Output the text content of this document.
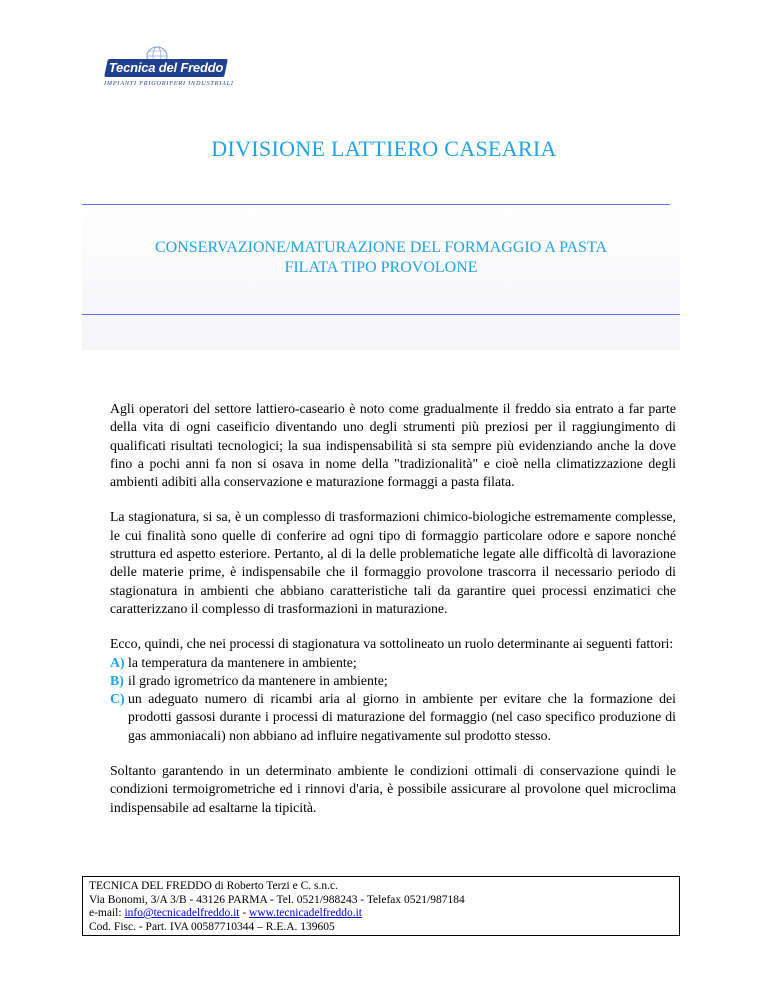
Tecnica del Freddo
IMPIANTI FRIGORIFERI INDUSTRIALI
DIVISIONE LATTIERO CASEARIA
CONSERVAZIONE/MATURAZIONE DEL FORMAGGIO A PASTA
FILATA TIPO PROVOLONE

Agli operatori del settore lattiero-caseario è noto come gradualmente il freddo sia entrato a far parte della vita di ogni caseificio diventando uno degli strumenti più preziosi per il raggiungimento di qualificati risultati tecnologici; la sua indispensabilità si sta sempre più evidenziando anche la dove fino a pochi anni fa non si osava in nome della "tradizionalità" e cioè nella climatizzazione degli ambienti adibiti alla conservazione e maturazione formaggi a pasta filata.

La stagionatura, si sa, è un complesso di trasformazioni chimico-biologiche estremamente complesse, le cui finalità sono quelle di conferire ad ogni tipo di formaggio particolare odore e sapore nonché struttura ed aspetto esteriore. Pertanto, al di la delle problematiche legate alle difficoltà di lavorazione delle materie prime, è indispensabile che il formaggio provolone trascorra il necessario periodo di stagionatura in ambienti che abbiano caratteristiche tali da garantire quei processi enzimatici che caratterizzano il complesso di trasformazioni in maturazione.

Ecco, quindi, che nei processi di stagionatura va sottolineato un ruolo determinante ai seguenti fattori:

A) la temperatura da mantenere in ambiente;
B) il grado igrometrico da mantenere in ambiente;
C) un adeguato numero di ricambi aria al giorno in ambiente per evitare che la formazione dei prodotti gassosi durante i processi di maturazione del formaggio (nel caso specifico produzione di gas ammoniacali) non abbiano ad influire negativamente sul prodotto stesso.

Soltanto garantendo in un determinato ambiente le condizioni ottimali di conservazione quindi le condizioni termoigrometriche ed i rinnovi d'aria, è possibile assicurare al provolone quel microclima indispensabile ad esaltarne la tipicità.

TECNICA DEL FREDDO di Roberto Terzi e C. s.n.c.
Via Bonomi, 3/A 3/B - 43126 PARMA - Tel. 0521/988243 - Telefax 0521/987184
e-mail: info@tecnicadelfreddo.it - www.tecnicadelfreddo.it
Cod. Fisc. - Part. IVA 00587710344 – R.E.A. 139605
